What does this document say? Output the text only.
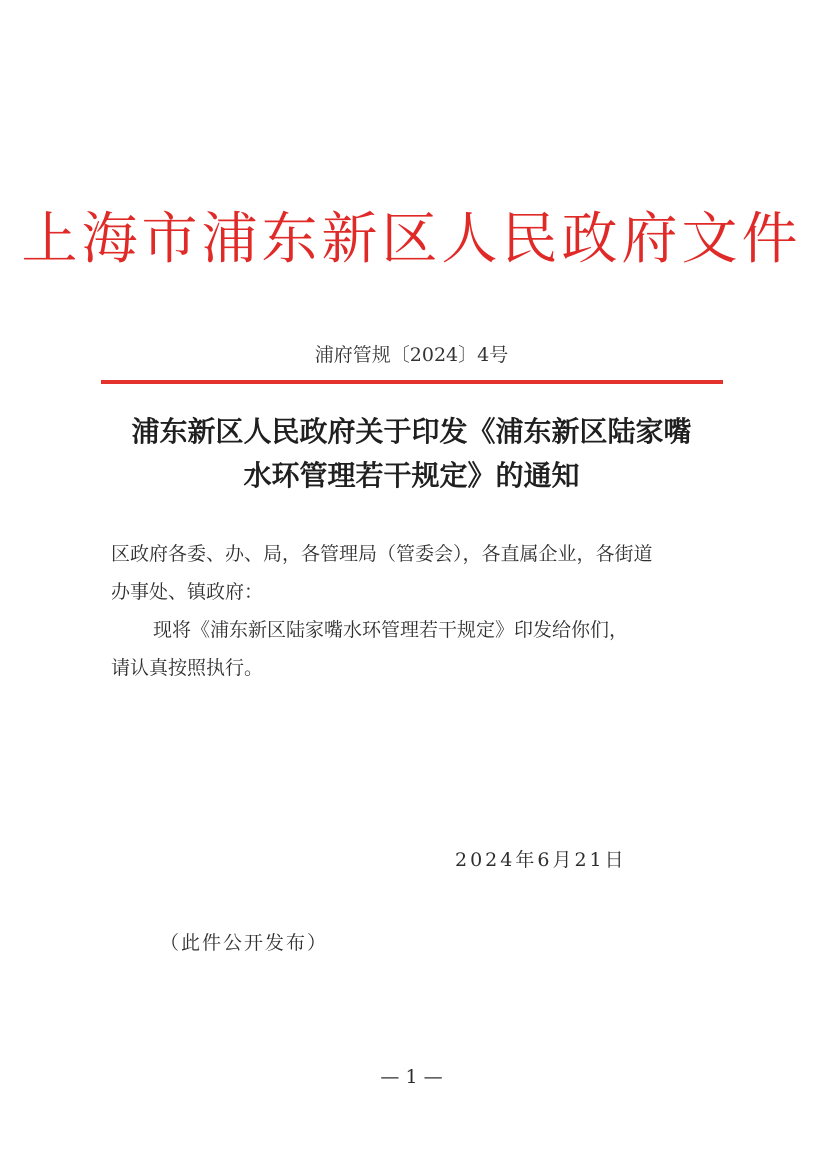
上海市浦东新区人民政府文件
浦府管规〔2024〕4号
浦东新区人民政府关于印发《浦东新区陆家嘴
水环管理若干规定》的通知
区政府各委、办、局，各管理局（管委会），各直属企业，各街道
办事处、镇政府：
现将《浦东新区陆家嘴水环管理若干规定》印发给你们，
请认真按照执行。
2024年6月21日
（此件公开发布）
— 1 —
